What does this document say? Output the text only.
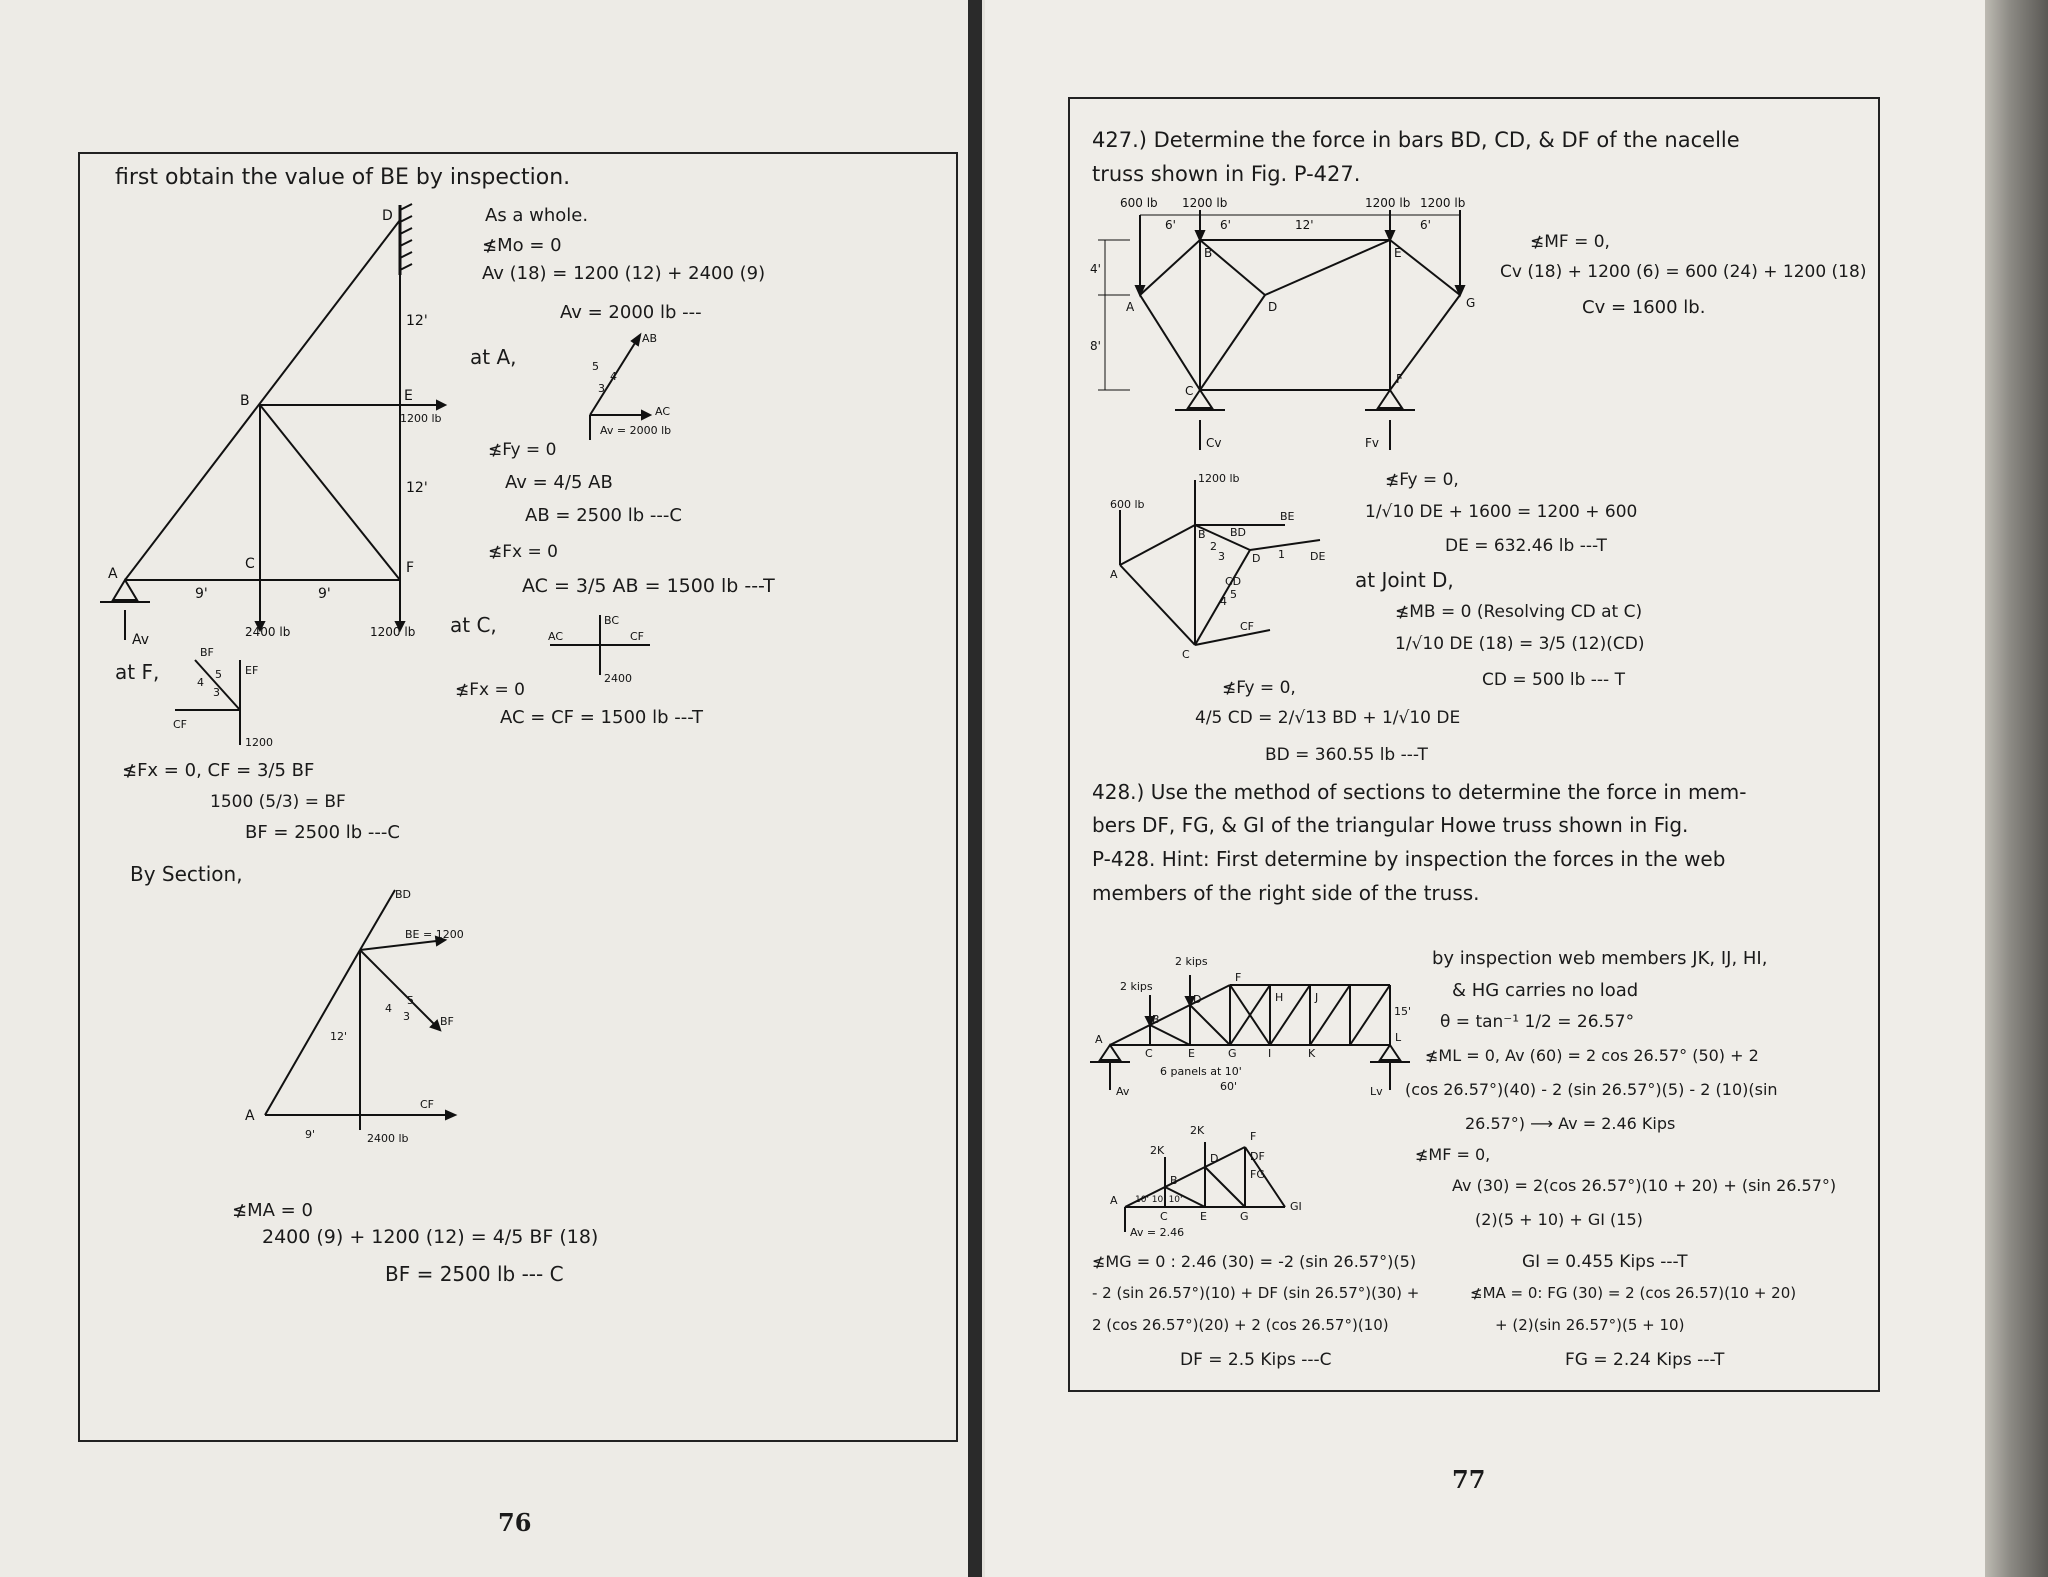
first obtain the value of BE by inspection.
As a whole.
≰Mo = 0
Av (18) = 1200 (12) + 2400 (9)
Av = 2000 lb ---
at A,
≰Fy = 0
Av = 4/5 AB
AB = 2500 lb ---C
≰Fx = 0
AC = 3/5 AB = 1500 lb ---T
at C,
≰Fx = 0
AC = CF = 1500 lb ---T
at F,
≰Fx = 0, CF = 3/5 BF
1500 (5/3) = BF
BF = 2500 lb ---C
By Section,
≰MA = 0
2400 (9) + 1200 (12) = 4/5 BF (18)
BF = 2500 lb --- C
76
D
B	E
A
C	F
12'
12'
9'	9'
1200 lb
2400 lb	1200 lb
Av
AB
AC
Av = 2000 lb
5
4
3
BC
AC	CF
2400
BF
EF
CF
1200
4
5
3
BD
BE = 1200
BF
CF
A
12'
9'	2400 lb
4
5
3
427.) Determine the force in bars BD, CD, & DF of the nacelle
truss shown in Fig. P-427.
≰MF = 0,
Cv (18) + 1200 (6) = 600 (24) + 1200 (18)
Cv = 1600 lb.
≰Fy = 0,
1/√10 DE + 1600 = 1200 + 600
DE = 632.46 lb ---T
at Joint D,
≰MB = 0 (Resolving CD at C)
1/√10 DE (18) = 3/5 (12)(CD)
CD = 500 lb --- T
≰Fy = 0,
4/5 CD = 2/√13 BD + 1/√10 DE
BD = 360.55 lb ---T
428.) Use the method of sections to determine the force in mem-
bers DF, FG, & GI of the triangular Howe truss shown in Fig.
P-428. Hint: First determine by inspection the forces in the web
members of the right side of the truss.
by inspection web members JK, IJ, HI,
& HG carries no load
θ = tan⁻¹ 1/2 = 26.57°
≰ML = 0, Av (60) = 2 cos 26.57° (50) + 2
(cos 26.57°)(40) - 2 (sin 26.57°)(5) - 2 (10)(sin
26.57°) ⟶ Av = 2.46 Kips
≰MF = 0,
Av (30) = 2(cos 26.57°)(10 + 20) + (sin 26.57°)
(2)(5 + 10) + GI (15)
GI = 0.455 Kips ---T
≰MG = 0 : 2.46 (30) = -2 (sin 26.57°)(5)
- 2 (sin 26.57°)(10) + DF (sin 26.57°)(30) +
2 (cos 26.57°)(20) + 2 (cos 26.57°)(10)
DF = 2.5 Kips ---C
≰MA = 0: FG (30) = 2 (cos 26.57)(10 + 20)
+ (2)(sin 26.57°)(5 + 10)
FG = 2.24 Kips ---T
77
600 lb 1200 lb	1200 lb 1200 lb
6'	6'	12'	6'
4'
8'
A
B
C
D
E
F
G
Cv	Fv
1200 lb
600 lb
B
A
C
BE
BD
D	DE
CD
CF
2
3	1
4
5
2 kips
2 kips
B
D
F
H	J
L
A
C	E	G	I	K
6 panels at 10'
60'
15'
Av	Lv
2K
2K	F
D
B
A
C	E	G
DF
FG
GI
Av = 2.46
10' 10' 10'
